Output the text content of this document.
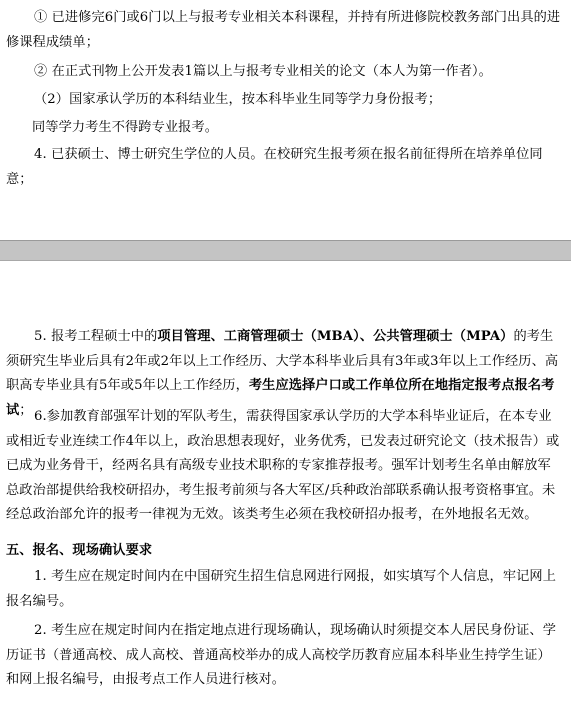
① 已进修完6门或6门以上与报考专业相关本科课程，并持有所进修院校教务部门出具的进修课程成绩单；
② 在正式刊物上公开发表1篇以上与报考专业相关的论文（本人为第一作者）。
（2）国家承认学历的本科结业生，按本科毕业生同等学力身份报考；
同等学力考生不得跨专业报考。
4. 已获硕士、博士研究生学位的人员。在校研究生报考须在报名前征得所在培养单位同意；
5. 报考工程硕士中的项目管理、工商管理硕士（MBA）、公共管理硕士（MPA）的考生须研究生毕业后具有2年或2年以上工作经历、大学本科毕业后具有3年或3年以上工作经历、高职高专毕业具有5年或5年以上工作经历，考生应选择户口或工作单位所在地指定报考点报名考试； 6.参加教育部强军计划的军队考生，需获得国家承认学历的大学本科毕业证后，在本专业或相近专业连续工作4年以上，政治思想表现好，业务优秀，已发表过研究论文（技术报告）或已成为业务骨干，经两名具有高级专业技术职称的专家推荐报考。强军计划考生名单由解放军总政治部提供给我校研招办，考生报考前须与各大军区/兵种政治部联系确认报考资格事宜。未经总政治部允许的报考一律视为无效。该类考生必须在我校研招办报考，在外地报名无效。
五、报名、现场确认要求
1. 考生应在规定时间内在中国研究生招生信息网进行网报，如实填写个人信息，牢记网上报名编号。
2. 考生应在规定时间内在指定地点进行现场确认，现场确认时须提交本人居民身份证、学历证书（普通高校、成人高校、普通高校举办的成人高校学历教育应届本科毕业生持学生证）和网上报名编号，由报考点工作人员进行核对。
